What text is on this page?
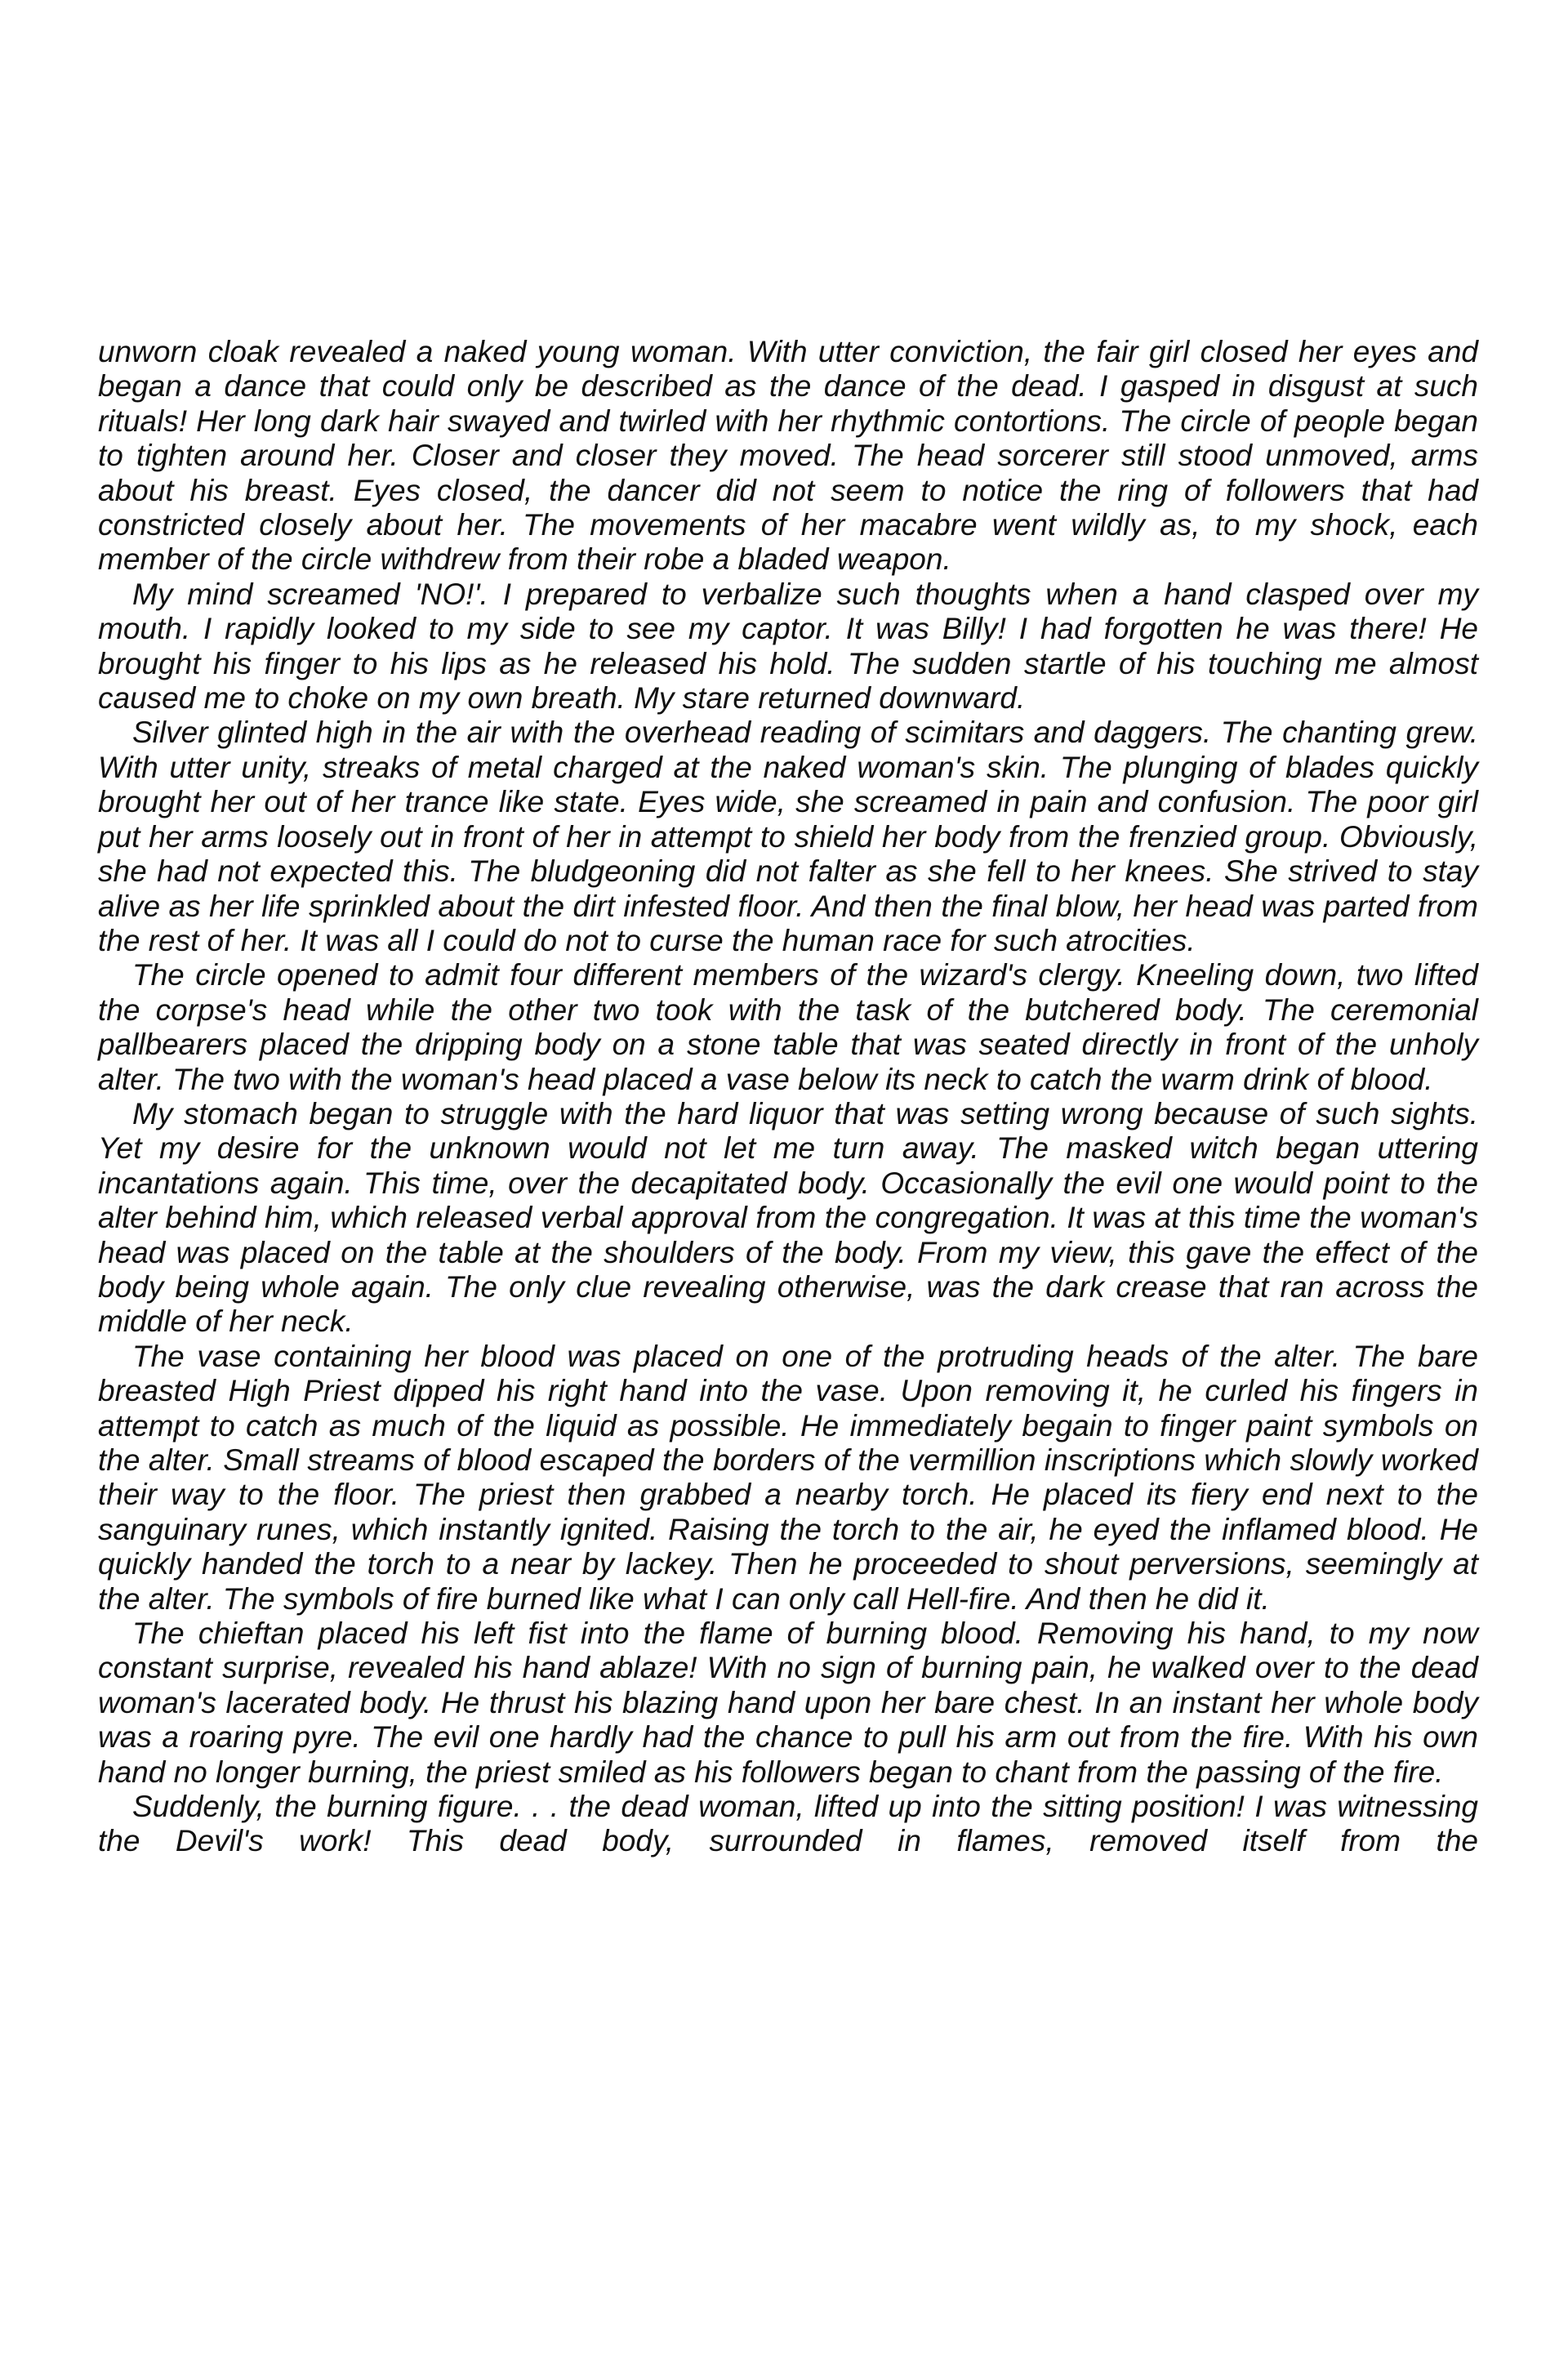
unworn cloak revealed a naked young woman. With utter conviction, the fair girl closed her eyes and began a dance that could only be described as the dance of the dead. I gasped in disgust at such rituals! Her long dark hair swayed and twirled with her rhythmic contortions. The circle of people began to tighten around her. Closer and closer they moved. The head sorcerer still stood unmoved, arms about his breast. Eyes closed, the dancer did not seem to notice the ring of followers that had constricted closely about her. The movements of her macabre went wildly as, to my shock, each member of the circle withdrew from their robe a bladed weapon.

My mind screamed 'NO!'. I prepared to verbalize such thoughts when a hand clasped over my mouth. I rapidly looked to my side to see my captor. It was Billy! I had forgotten he was there! He brought his finger to his lips as he released his hold. The sudden startle of his touching me almost caused me to choke on my own breath. My stare returned downward.

Silver glinted high in the air with the overhead reading of scimitars and daggers. The chanting grew. With utter unity, streaks of metal charged at the naked woman's skin. The plunging of blades quickly brought her out of her trance like state. Eyes wide, she screamed in pain and confusion. The poor girl put her arms loosely out in front of her in attempt to shield her body from the frenzied group. Obviously, she had not expected this. The bludgeoning did not falter as she fell to her knees. She strived to stay alive as her life sprinkled about the dirt infested floor. And then the final blow, her head was parted from the rest of her. It was all I could do not to curse the human race for such atrocities.

The circle opened to admit four different members of the wizard's clergy. Kneeling down, two lifted the corpse's head while the other two took with the task of the butchered body. The ceremonial pallbearers placed the dripping body on a stone table that was seated directly in front of the unholy alter. The two with the woman's head placed a vase below its neck to catch the warm drink of blood.

My stomach began to struggle with the hard liquor that was setting wrong because of such sights. Yet my desire for the unknown would not let me turn away. The masked witch began uttering incantations again. This time, over the decapitated body. Occasionally the evil one would point to the alter behind him, which released verbal approval from the congregation. It was at this time the woman's head was placed on the table at the shoulders of the body. From my view, this gave the effect of the body being whole again. The only clue revealing otherwise, was the dark crease that ran across the middle of her neck.

The vase containing her blood was placed on one of the protruding heads of the alter. The bare breasted High Priest dipped his right hand into the vase. Upon removing it, he curled his fingers in attempt to catch as much of the liquid as possible. He immediately begain to finger paint symbols on the alter. Small streams of blood escaped the borders of the vermillion inscriptions which slowly worked their way to the floor. The priest then grabbed a nearby torch. He placed its fiery end next to the sanguinary runes, which instantly ignited. Raising the torch to the air, he eyed the inflamed blood. He quickly handed the torch to a near by lackey. Then he proceeded to shout perversions, seemingly at the alter. The symbols of fire burned like what I can only call Hell-fire. And then he did it.

The chieftan placed his left fist into the flame of burning blood. Removing his hand, to my now constant surprise, revealed his hand ablaze! With no sign of burning pain, he walked over to the dead woman's lacerated body. He thrust his blazing hand upon her bare chest. In an instant her whole body was a roaring pyre. The evil one hardly had the chance to pull his arm out from the fire. With his own hand no longer burning, the priest smiled as his followers began to chant from the passing of the fire.

Suddenly, the burning figure. . . the dead woman, lifted up into the sitting position! I was witnessing the Devil's work! This dead body, surrounded in flames, removed itself from the
